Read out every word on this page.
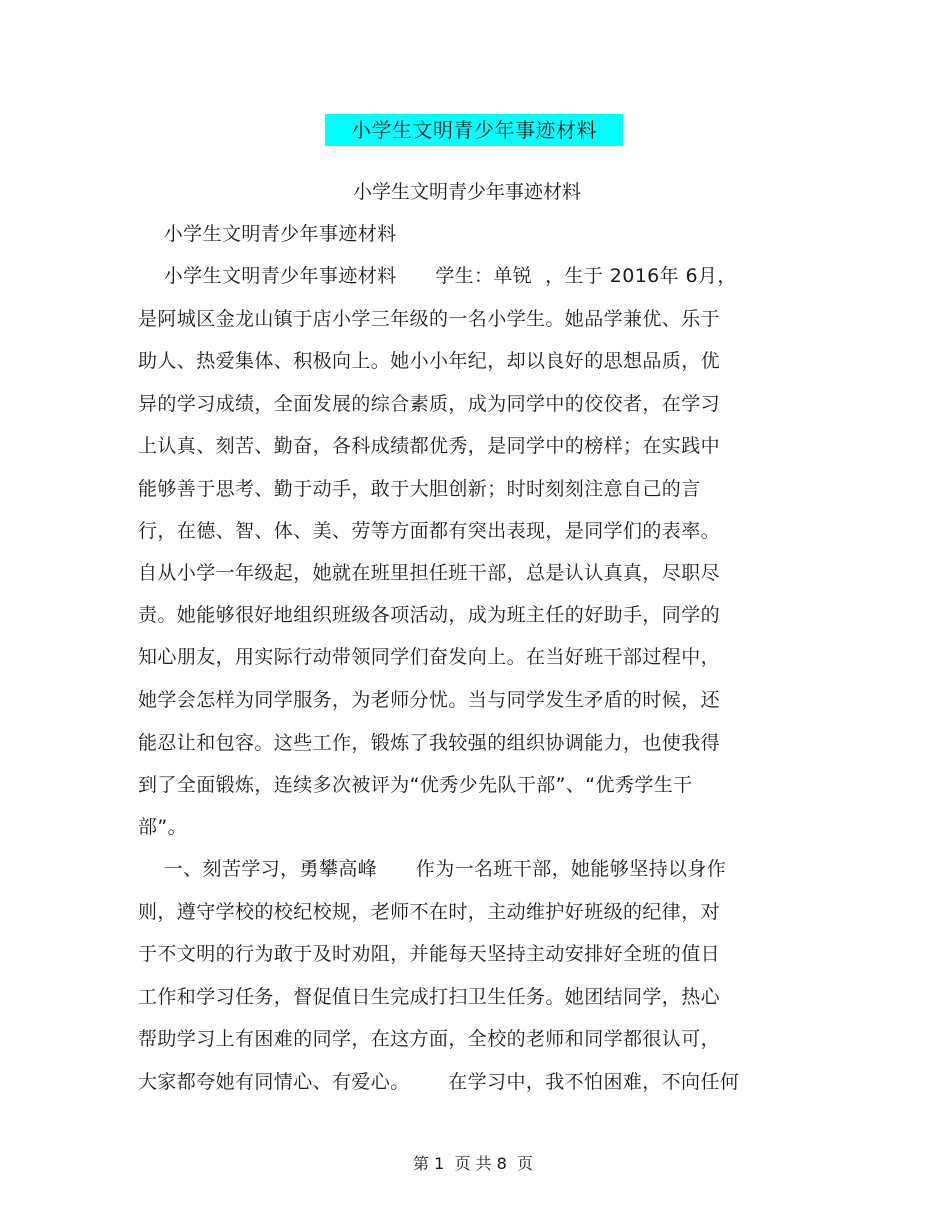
小学生文明青少年事迹材料
小学生文明青少年事迹材料
小学生文明青少年事迹材料
小学生文明青少年事迹材料      学生：单锐  ，生于 2016年 6月，
是阿城区金龙山镇于店小学三年级的一名小学生。她品学兼优、乐于
助人、热爱集体、积极向上。她小小年纪，却以良好的思想品质，优
异的学习成绩，全面发展的综合素质，成为同学中的佼佼者，在学习
上认真、刻苦、勤奋，各科成绩都优秀，是同学中的榜样；在实践中
能够善于思考、勤于动手，敢于大胆创新；时时刻刻注意自己的言
行，在德、智、体、美、劳等方面都有突出表现，是同学们的表率。
自从小学一年级起，她就在班里担任班干部，总是认认真真，尽职尽
责。她能够很好地组织班级各项活动，成为班主任的好助手，同学的
知心朋友，用实际行动带领同学们奋发向上。在当好班干部过程中，
她学会怎样为同学服务，为老师分忧。当与同学发生矛盾的时候，还
能忍让和包容。这些工作，锻炼了我较强的组织协调能力，也使我得
到了全面锻炼，连续多次被评为“优秀少先队干部”、“优秀学生干
部”。
一、刻苦学习，勇攀高峰      作为一名班干部，她能够坚持以身作
则，遵守学校的校纪校规，老师不在时，主动维护好班级的纪律，对
于不文明的行为敢于及时劝阻，并能每天坚持主动安排好全班的值日
工作和学习任务，督促值日生完成打扫卫生任务。她团结同学，热心
帮助学习上有困难的同学，在这方面，全校的老师和同学都很认可，
大家都夸她有同情心、有爱心。      在学习中，我不怕困难，不向任何
第 1  页 共 8  页
